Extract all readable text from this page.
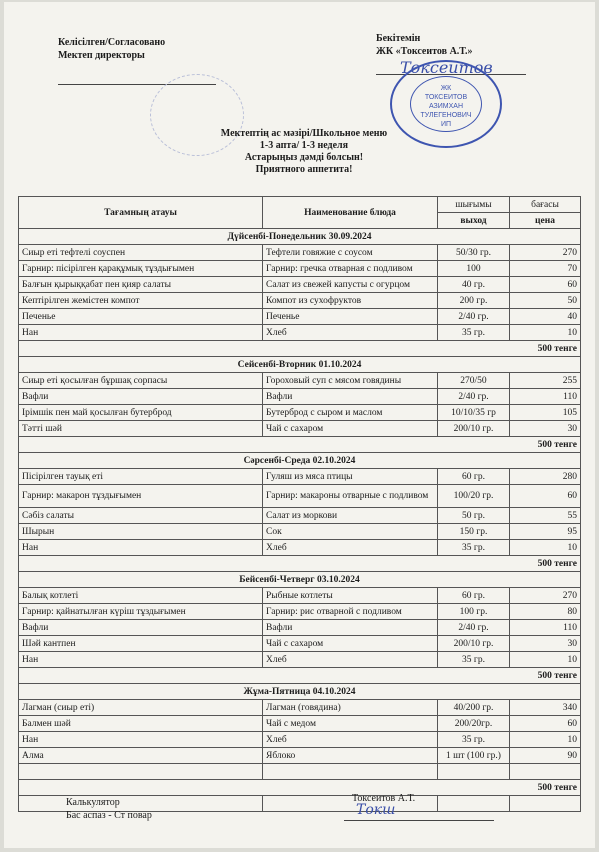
Келісілген/Согласовано
Мектеп директоры
Бекітемін
ЖК «Токсеитов А.Т.»
Токсеитов
ЖК
ТОКСЕИТОВ
АЗИМХАН
ТУЛЕГЕНОВИЧ
ИП
Мектептің ас мәзірі/Школьное меню
1-3 апта/ 1-3 неделя
Астарыңыз дәмді болсын!
Приятного аппетита!
Тағамның атауы	Наименование блюда	шығымы	бағасы
		выход	цена
Дүйсенбі-Понедельник 30.09.2024			
Сиыр еті тефтелі соуспен	Тефтели говяжие с соусом	50/30 гр.	270
Гарнир: пісірілген қарақұмық тұздығымен	Гарнир: гречка отварная с подливом	100	70
Балғын қырыққабат пен қияр салаты	Салат из свежей капусты с огурцом	40 гр.	60
Кептірілген жемістен компот	Компот из сухофруктов	200 гр.	50
Печенье	Печенье	2/40 гр.	40
Нан	Хлеб	35 гр.	10
500 тенге			
Сейсенбі-Вторник 01.10.2024			
Сиыр еті қосылған бұршақ сорпасы	Гороховый суп с мясом говядины	270/50	255
Вафли	Вафли	2/40 гр.	110
Ірімшік пен май қосылған бутерброд	Бутерброд с сыром и маслом	10/10/35 гр	105
Тәтті шәй	Чай с сахаром	200/10 гр.	30
500 тенге			
Сәрсенбі-Среда 02.10.2024			
Пісірілген тауық еті	Гуляш из мяса птицы	60 гр.	280
Гарнир: макарон тұздығымен	Гарнир: макароны отварные с подливом	100/20 гр.	60
Сәбіз салаты	Салат из моркови	50 гр.	55
Шырын	Сок	150 гр.	95
Нан	Хлеб	35 гр.	10
500 тенге			
Бейсенбі-Четверг 03.10.2024			
Балық котлеті	Рыбные котлеты	60 гр.	270
Гарнир: қайнатылған күріш тұздығымен	Гарнир: рис отварной с подливом	100 гр.	80
Вафли	Вафли	2/40 гр.	110
Шәй кантпен	Чай с сахаром	200/10 гр.	30
Нан	Хлеб	35 гр.	10
500 тенге			
Жұма-Пятница 04.10.2024			
Лагман (сиыр еті)	Лагман (говядина)	40/200 гр.	340
Балмен шәй	Чай с медом	200/20гр.	60
Нан	Хлеб	35 гр.	10
Алма	Яблоко	1 шт (100 гр.)	90

500 тенге			

Калькулятор
Бас аспаз - Ст повар
Токсеитов А.Т.
Токш
